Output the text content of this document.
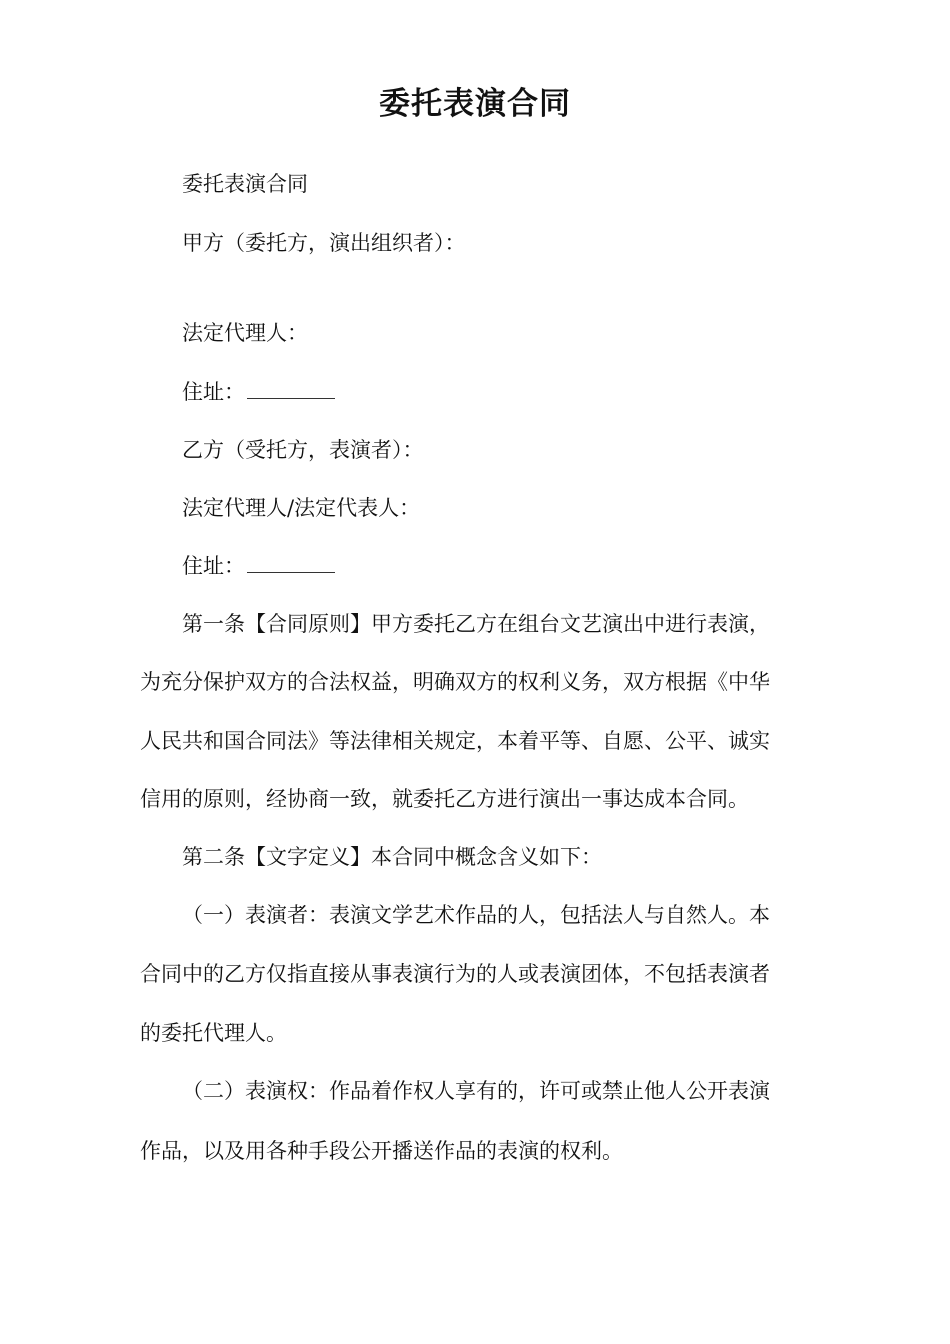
委托表演合同
委托表演合同
甲方（委托方，演出组织者）：
法定代理人：
住址：
乙方（受托方，表演者）：
法定代理人/法定代表人：
住址：
第一条【合同原则】甲方委托乙方在组台文艺演出中进行表演，
为充分保护双方的合法权益，明确双方的权利义务，双方根据《中华
人民共和国合同法》等法律相关规定，本着平等、自愿、公平、诚实
信用的原则，经协商一致，就委托乙方进行演出一事达成本合同。
第二条【文字定义】本合同中概念含义如下：
（一）表演者：表演文学艺术作品的人，包括法人与自然人。本
合同中的乙方仅指直接从事表演行为的人或表演团体，不包括表演者
的委托代理人。
（二）表演权：作品着作权人享有的，许可或禁止他人公开表演
作品，以及用各种手段公开播送作品的表演的权利。
